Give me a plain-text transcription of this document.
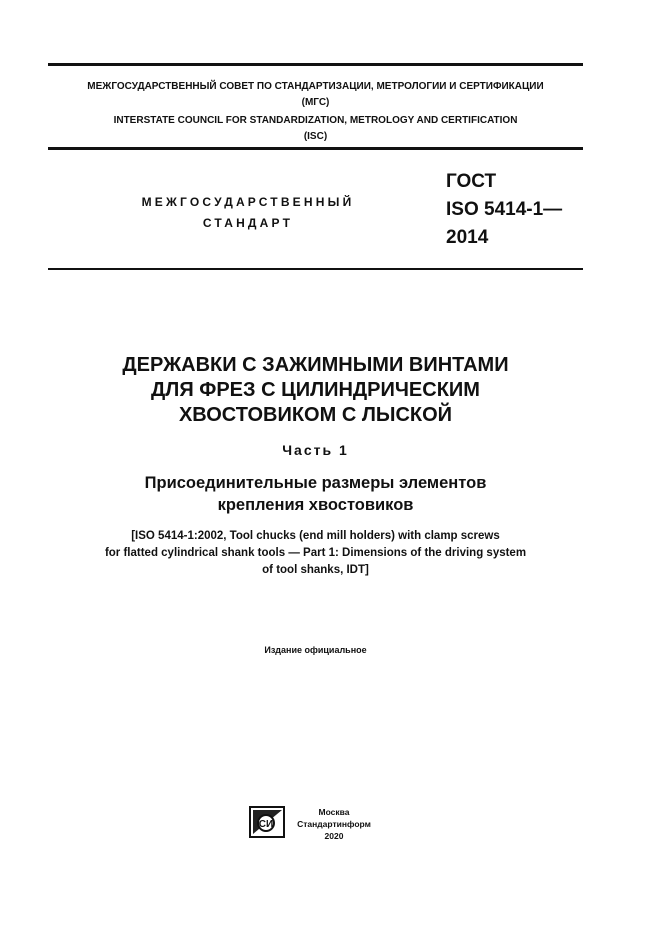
МЕЖГОСУДАРСТВЕННЫЙ СОВЕТ ПО СТАНДАРТИЗАЦИИ, МЕТРОЛОГИИ И СЕРТИФИКАЦИИ
(МГС)
INTERSTATE COUNCIL FOR STANDARDIZATION, METROLOGY AND CERTIFICATION
(ISC)
МЕЖГОСУДАРСТВЕННЫЙ
СТАНДАРТ
ГОСТ
ISO 5414-1—
2014
ДЕРЖАВКИ С ЗАЖИМНЫМИ ВИНТАМИ
ДЛЯ ФРЕЗ С ЦИЛИНДРИЧЕСКИМ
ХВОСТОВИКОМ С ЛЫСКОЙ
Часть 1
Присоединительные размеры элементов
крепления хвостовиков
[ISO 5414-1:2002, Tool chucks (end mill holders) with clamp screws
for flatted cylindrical shank tools — Part 1: Dimensions of the driving system
of tool shanks, IDT]
Издание официальное
СИ
Москва
Стандартинформ
2020
